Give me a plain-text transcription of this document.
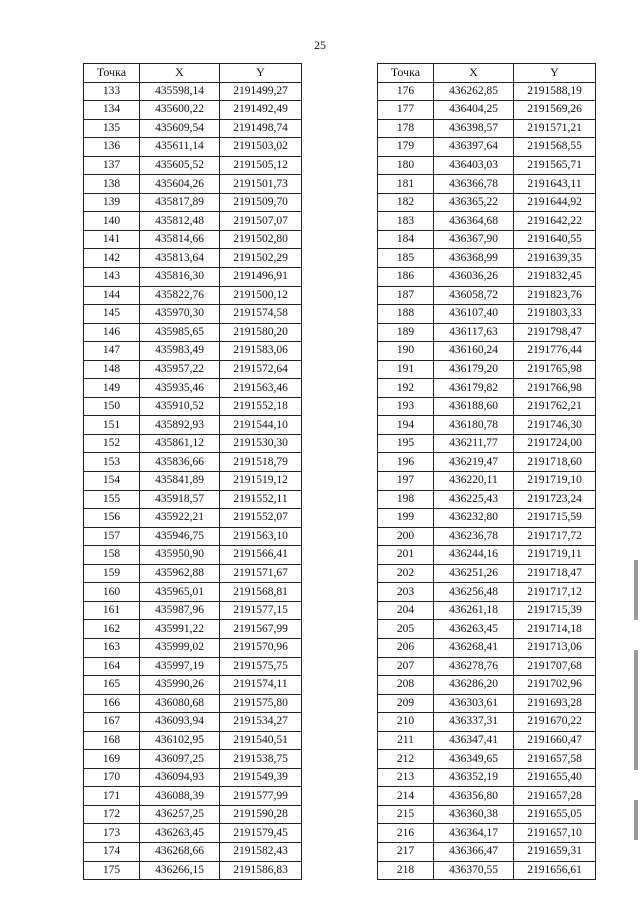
25
Точка	X	Y
133	435598,14	2191499,27
134	435600,22	2191492,49
135	435609,54	2191498,74
136	435611,14	2191503,02
137	435605,52	2191505,12
138	435604,26	2191501,73
139	435817,89	2191509,70
140	435812,48	2191507,07
141	435814,66	2191502,80
142	435813,64	2191502,29
143	435816,30	2191496,91
144	435822,76	2191500,12
145	435970,30	2191574,58
146	435985,65	2191580,20
147	435983,49	2191583,06
148	435957,22	2191572,64
149	435935,46	2191563,46
150	435910,52	2191552,18
151	435892,93	2191544,10
152	435861,12	2191530,30
153	435836,66	2191518,79
154	435841,89	2191519,12
155	435918,57	2191552,11
156	435922,21	2191552,07
157	435946,75	2191563,10
158	435950,90	2191566,41
159	435962,88	2191571,67
160	435965,01	2191568,81
161	435987,96	2191577,15
162	435991,22	2191567,99
163	435999,02	2191570,96
164	435997,19	2191575,75
165	435990,26	2191574,11
166	436080,68	2191575,80
167	436093,94	2191534,27
168	436102,95	2191540,51
169	436097,25	2191538,75
170	436094,93	2191549,39
171	436088,39	2191577,99
172	436257,25	2191590,28
173	436263,45	2191579,45
174	436268,66	2191582,43
175	436266,15	2191586,83
Точка	X	Y
176	436262,85	2191588,19
177	436404,25	2191569,26
178	436398,57	2191571,21
179	436397,64	2191568,55
180	436403,03	2191565,71
181	436366,78	2191643,11
182	436365,22	2191644,92
183	436364,68	2191642,22
184	436367,90	2191640,55
185	436368,99	2191639,35
186	436036,26	2191832,45
187	436058,72	2191823,76
188	436107,40	2191803,33
189	436117,63	2191798,47
190	436160,24	2191776,44
191	436179,20	2191765,98
192	436179,82	2191766,98
193	436188,60	2191762,21
194	436180,78	2191746,30
195	436211,77	2191724,00
196	436219,47	2191718,60
197	436220,11	2191719,10
198	436225,43	2191723,24
199	436232,80	2191715,59
200	436236,78	2191717,72
201	436244,16	2191719,11
202	436251,26	2191718,47
203	436256,48	2191717,12
204	436261,18	2191715,39
205	436263,45	2191714,18
206	436268,41	2191713,06
207	436278,76	2191707,68
208	436286,20	2191702,96
209	436303,61	2191693,28
210	436337,31	2191670,22
211	436347,41	2191660,47
212	436349,65	2191657,58
213	436352,19	2191655,40
214	436356,80	2191657,28
215	436360,38	2191655,05
216	436364,17	2191657,10
217	436366,47	2191659,31
218	436370,55	2191656,61
